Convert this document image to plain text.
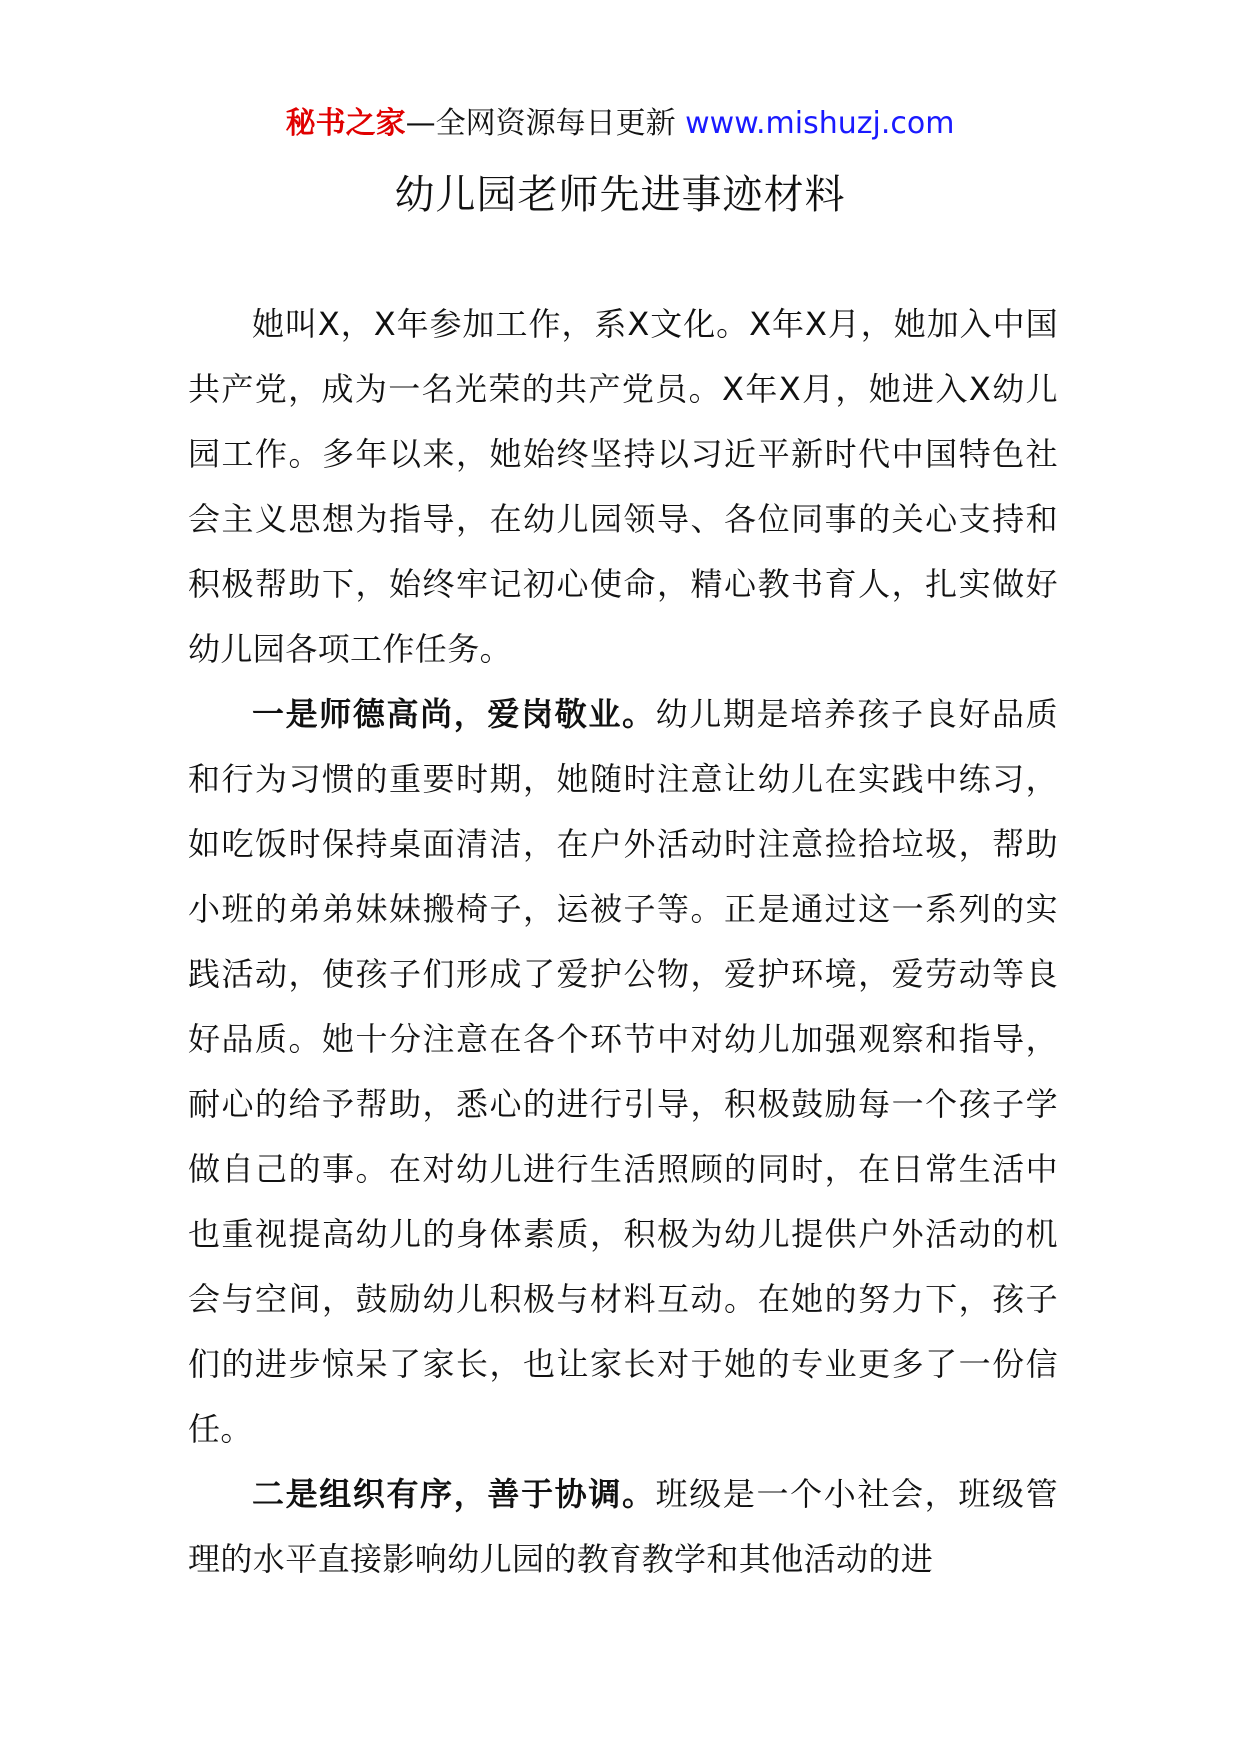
秘书之家—全网资源每日更新 www.mishuzj.com
幼儿园老师先进事迹材料

她叫X，X年参加工作，系X文化。X年X月，她加入中国共产党，成为一名光荣的共产党员。X年X月，她进入X幼儿园工作。多年以来，她始终坚持以习近平新时代中国特色社会主义思想为指导，在幼儿园领导、各位同事的关心支持和积极帮助下，始终牢记初心使命，精心教书育人，扎实做好幼儿园各项工作任务。

一是师德高尚，爱岗敬业。幼儿期是培养孩子良好品质和行为习惯的重要时期，她随时注意让幼儿在实践中练习，如吃饭时保持桌面清洁，在户外活动时注意捡拾垃圾，帮助小班的弟弟妹妹搬椅子，运被子等。正是通过这一系列的实践活动，使孩子们形成了爱护公物，爱护环境，爱劳动等良好品质。她十分注意在各个环节中对幼儿加强观察和指导，耐心的给予帮助，悉心的进行引导，积极鼓励每一个孩子学做自己的事。在对幼儿进行生活照顾的同时，在日常生活中也重视提高幼儿的身体素质，积极为幼儿提供户外活动的机会与空间，鼓励幼儿积极与材料互动。在她的努力下，孩子们的进步惊呆了家长，也让家长对于她的专业更多了一份信任。

二是组织有序，善于协调。班级是一个小社会，班级管理的水平直接影响幼儿园的教育教学和其他活动的进
